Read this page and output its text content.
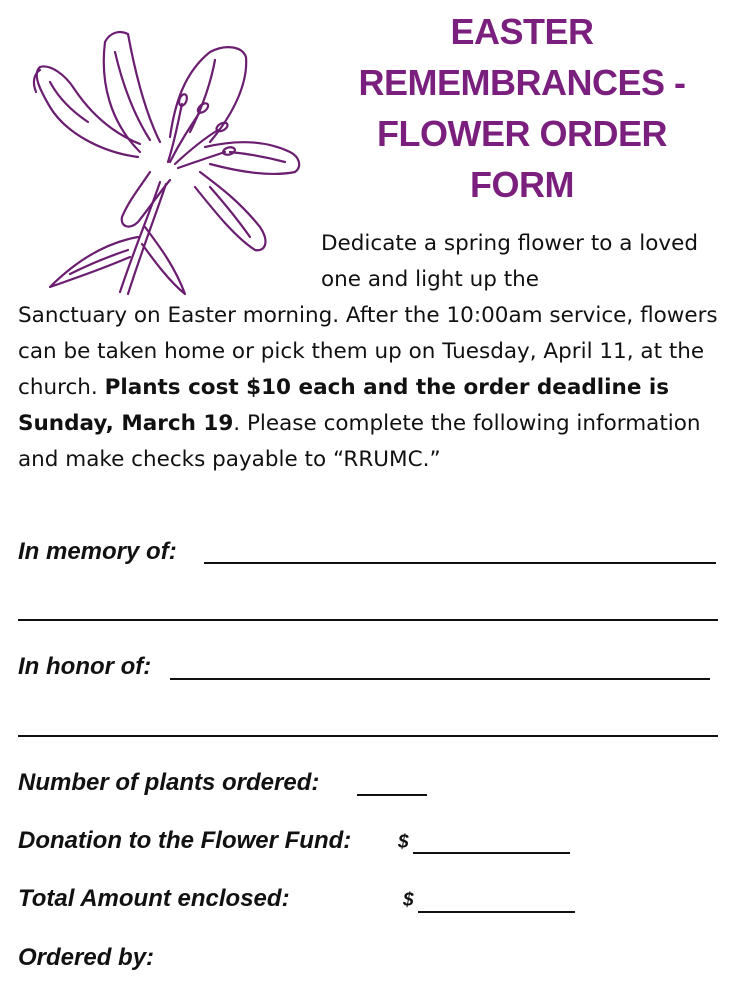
EASTER
REMEMBRANCES -
FLOWER ORDER
FORM

Dedicate a spring flower to a loved one and light up the
Sanctuary on Easter morning. After the 10:00am service, flowers can be taken home or pick them up on Tuesday, April 11, at the church. Plants cost $10 each and the order deadline is Sunday, March 19. Please complete the following information and make checks payable to “RRUMC.”

In memory of:
In honor of:
Number of plants ordered:
Donation to the Flower Fund: $
Total Amount enclosed:	$
Ordered by:
